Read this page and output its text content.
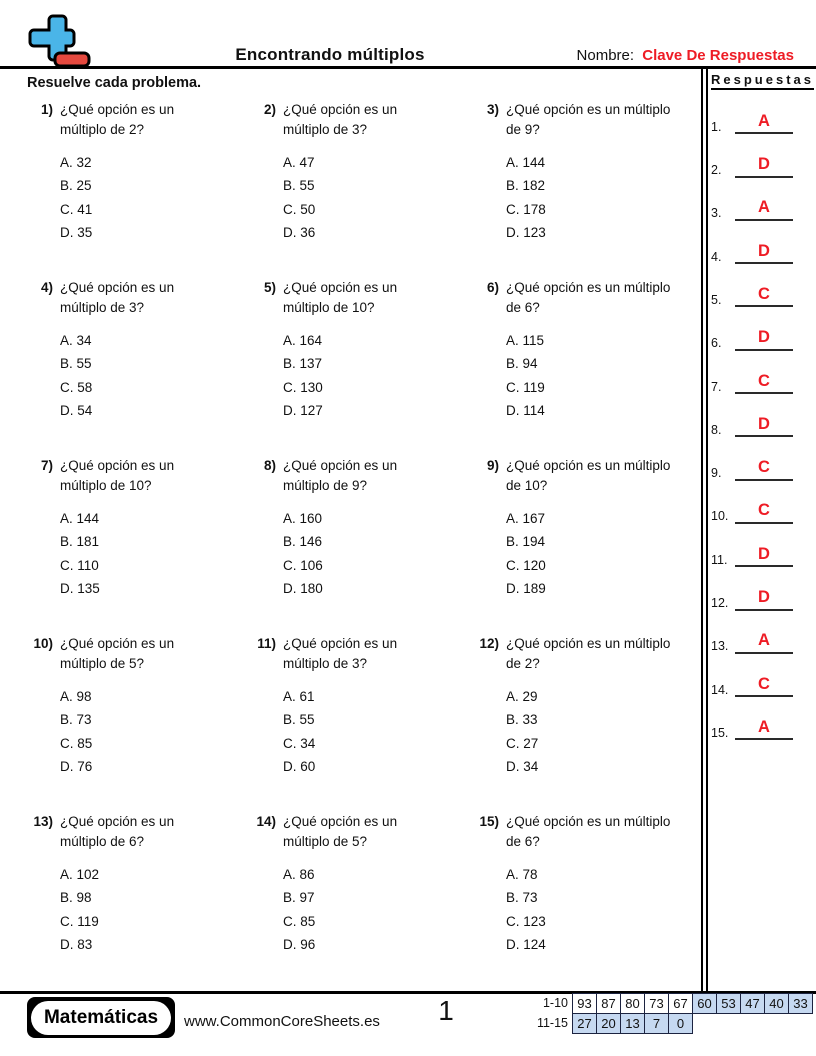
Encontrando múltiplos	Nombre: Clave De Respuestas
Resuelve cada problema.
1) ¿Qué opción es un múltiplo de 2?
A. 32
B. 25
C. 41
D. 35
2) ¿Qué opción es un múltiplo de 3?
A. 47
B. 55
C. 50
D. 36
3) ¿Qué opción es un múltiplo de 9?
A. 144
B. 182
C. 178
D. 123
4) ¿Qué opción es un múltiplo de 3?
A. 34
B. 55
C. 58
D. 54
5) ¿Qué opción es un múltiplo de 10?
A. 164
B. 137
C. 130
D. 127
6) ¿Qué opción es un múltiplo de 6?
A. 115
B. 94
C. 119
D. 114
7) ¿Qué opción es un múltiplo de 10?
A. 144
B. 181
C. 110
D. 135
8) ¿Qué opción es un múltiplo de 9?
A. 160
B. 146
C. 106
D. 180
9) ¿Qué opción es un múltiplo de 10?
A. 167
B. 194
C. 120
D. 189
10) ¿Qué opción es un múltiplo de 5?
A. 98
B. 73
C. 85
D. 76
11) ¿Qué opción es un múltiplo de 3?
A. 61
B. 55
C. 34
D. 60
12) ¿Qué opción es un múltiplo de 2?
A. 29
B. 33
C. 27
D. 34
13) ¿Qué opción es un múltiplo de 6?
A. 102
B. 98
C. 119
D. 83
14) ¿Qué opción es un múltiplo de 5?
A. 86
B. 97
C. 85
D. 96
15) ¿Qué opción es un múltiplo de 6?
A. 78
B. 73
C. 123
D. 124
Respuestas
1.	A
2.	D
3.	A
4.	D
5.	C
6.	D
7.	C
8.	D
9.	C
10.	C
11.	D
12.	D
13.	A
14.	C
15.	A
Matemáticas	www.CommonCoreSheets.es	1	1-10 93 87 80 73 67 60 53 47 40 33
11-15 27 20 13	7	0
